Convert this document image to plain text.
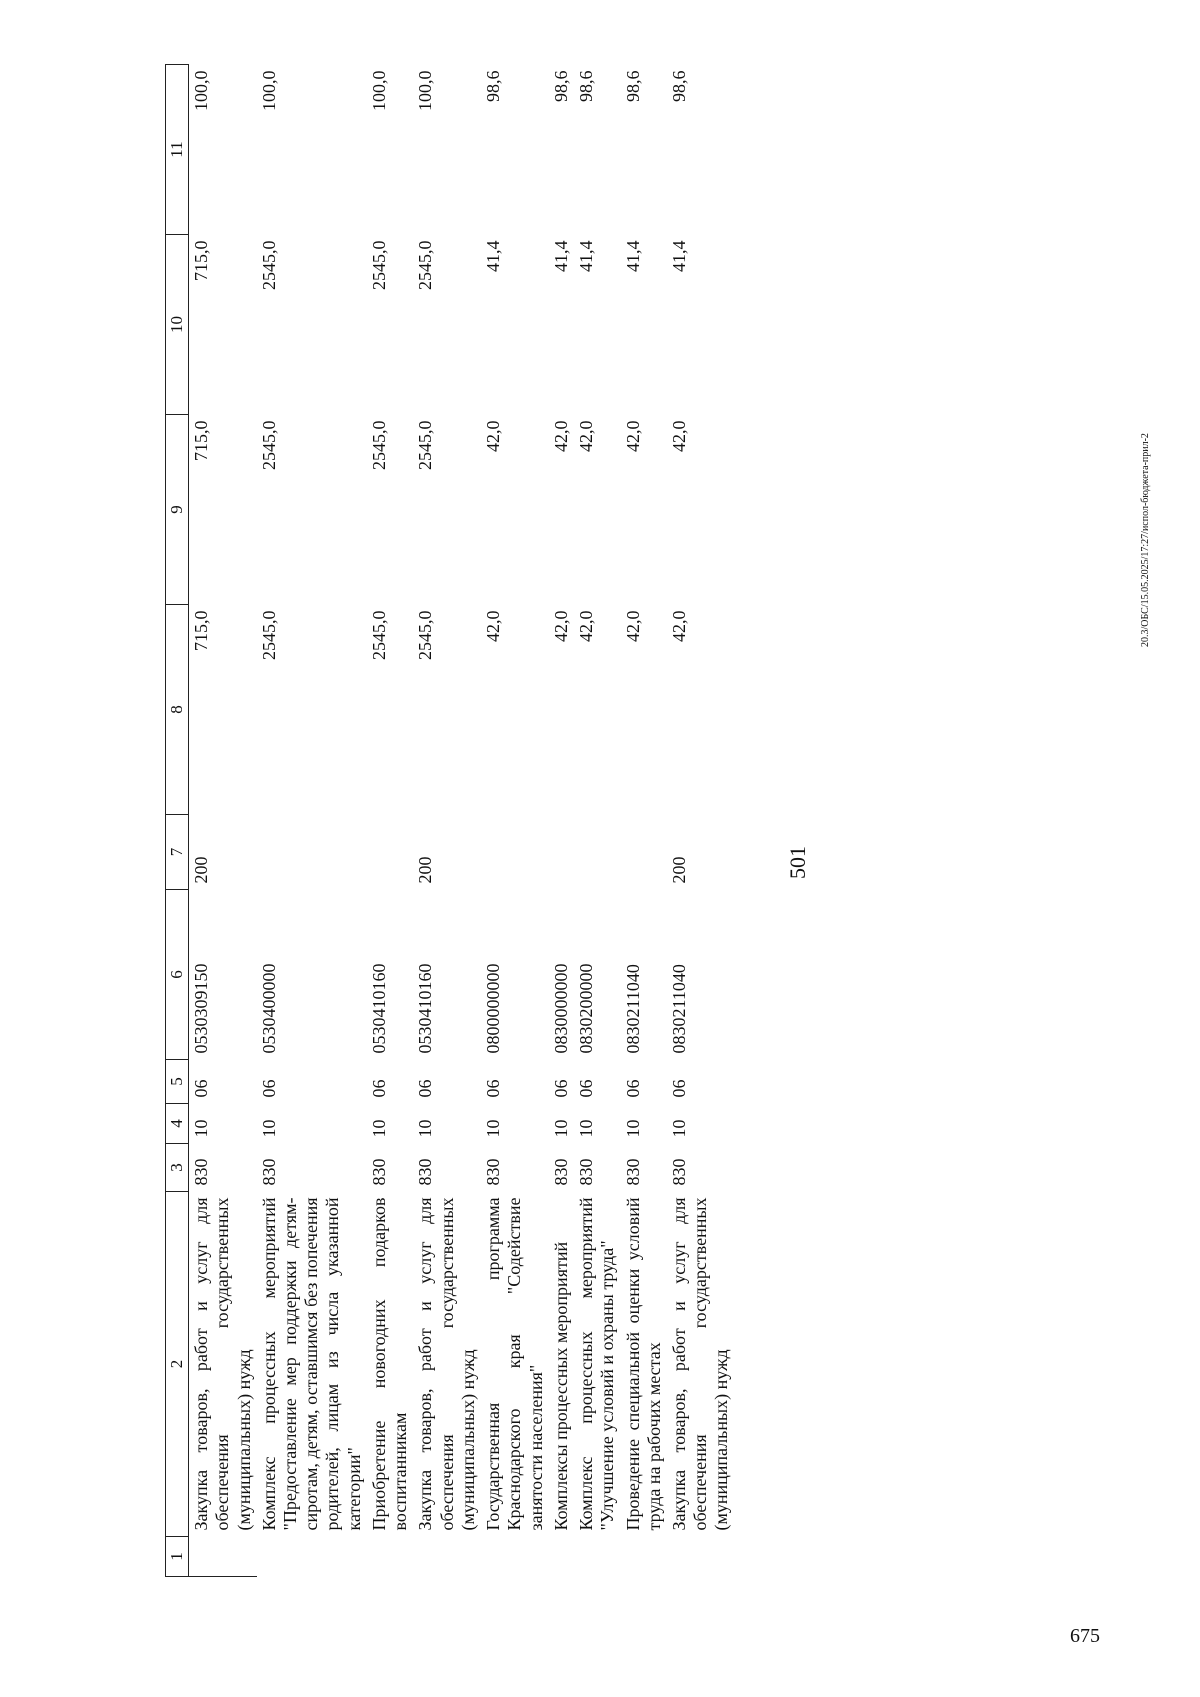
501
1	2	3	4	5	6	7	8	9	10	11
	Закупка товаров, работ и услуг для обеспечения государственных (муниципальных) нужд	830	10	06	0530309150	200	715,0	715,0	715,0	100,0
	Комплекс процессных мероприятий "Предоставление мер поддержки детям-сиротам, детям, оставшимся без попечения родителей, лицам из числа указанной категории"	830	10	06	0530400000		2545,0	2545,0	2545,0	100,0
	Приобретение новогодних подарков воспитанникам	830	10	06	0530410160		2545,0	2545,0	2545,0	100,0
	Закупка товаров, работ и услуг для обеспечения государственных (муниципальных) нужд	830	10	06	0530410160	200	2545,0	2545,0	2545,0	100,0
	Государственная программа Краснодарского края "Содействие занятости населения"	830	10	06	0800000000		42,0	42,0	41,4	98,6
	Комплексы процессных мероприятий	830	10	06	0830000000		42,0	42,0	41,4	98,6
	Комплекс процессных мероприятий "Улучшение условий и охраны труда"	830	10	06	0830200000		42,0	42,0	41,4	98,6
	Проведение специальной оценки условий труда на рабочих местах	830	10	06	0830211040		42,0	42,0	41,4	98,6
	Закупка товаров, работ и услуг для обеспечения государственных (муниципальных) нужд	830	10	06	0830211040	200	42,0	42,0	41,4	98,6
20.3/ОБС/15.05.2025/17:27/испол-бюджета-прил-2
675
